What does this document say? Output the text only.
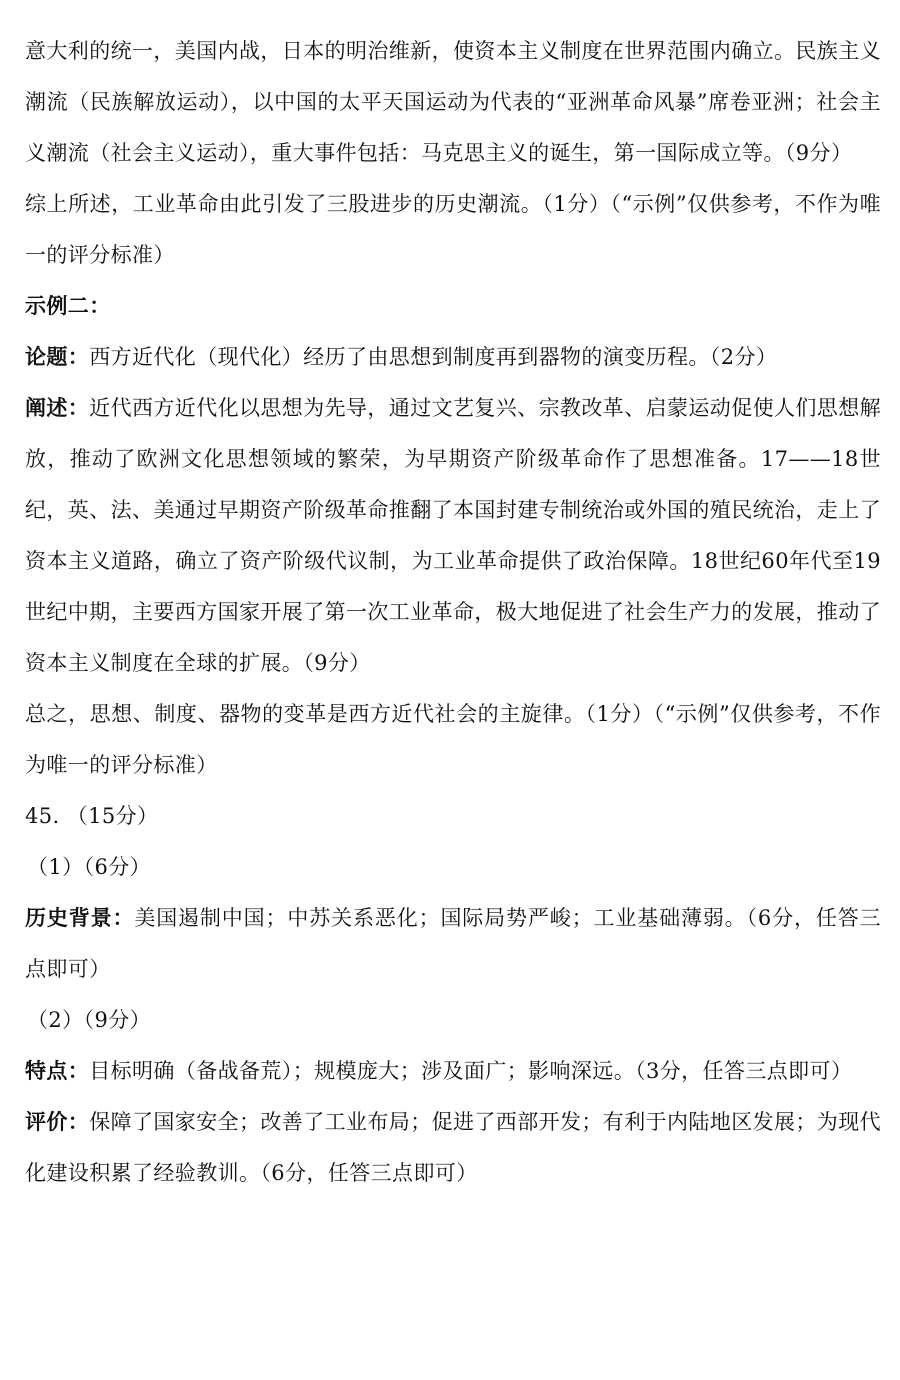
意大利的统一，美国内战，日本的明治维新，使资本主义制度在世界范围内确立。民族主义潮流（民族解放运动），以中国的太平天国运动为代表的“亚洲革命风暴”席卷亚洲；社会主义潮流（社会主义运动），重大事件包括：马克思主义的诞生，第一国际成立等。（9分）

综上所述，工业革命由此引发了三股进步的历史潮流。（1分）（“示例”仅供参考，不作为唯一的评分标准）

示例二：

论题：西方近代化（现代化）经历了由思想到制度再到器物的演变历程。（2分）

阐述：近代西方近代化以思想为先导，通过文艺复兴、宗教改革、启蒙运动促使人们思想解放，推动了欧洲文化思想领域的繁荣，为早期资产阶级革命作了思想准备。17——18世纪，英、法、美通过早期资产阶级革命推翻了本国封建专制统治或外国的殖民统治，走上了资本主义道路，确立了资产阶级代议制，为工业革命提供了政治保障。18世纪60年代至19世纪中期，主要西方国家开展了第一次工业革命，极大地促进了社会生产力的发展，推动了资本主义制度在全球的扩展。（9分）

总之，思想、制度、器物的变革是西方近代社会的主旋律。（1分）（“示例”仅供参考，不作为唯一的评分标准）

45. （15分）

（1）（6分）

历史背景：美国遏制中国；中苏关系恶化；国际局势严峻；工业基础薄弱。（6分，任答三点即可）

（2）（9分）

特点：目标明确（备战备荒）；规模庞大；涉及面广；影响深远。（3分，任答三点即可）

评价：保障了国家安全；改善了工业布局；促进了西部开发；有利于内陆地区发展；为现代化建设积累了经验教训。（6分，任答三点即可）
